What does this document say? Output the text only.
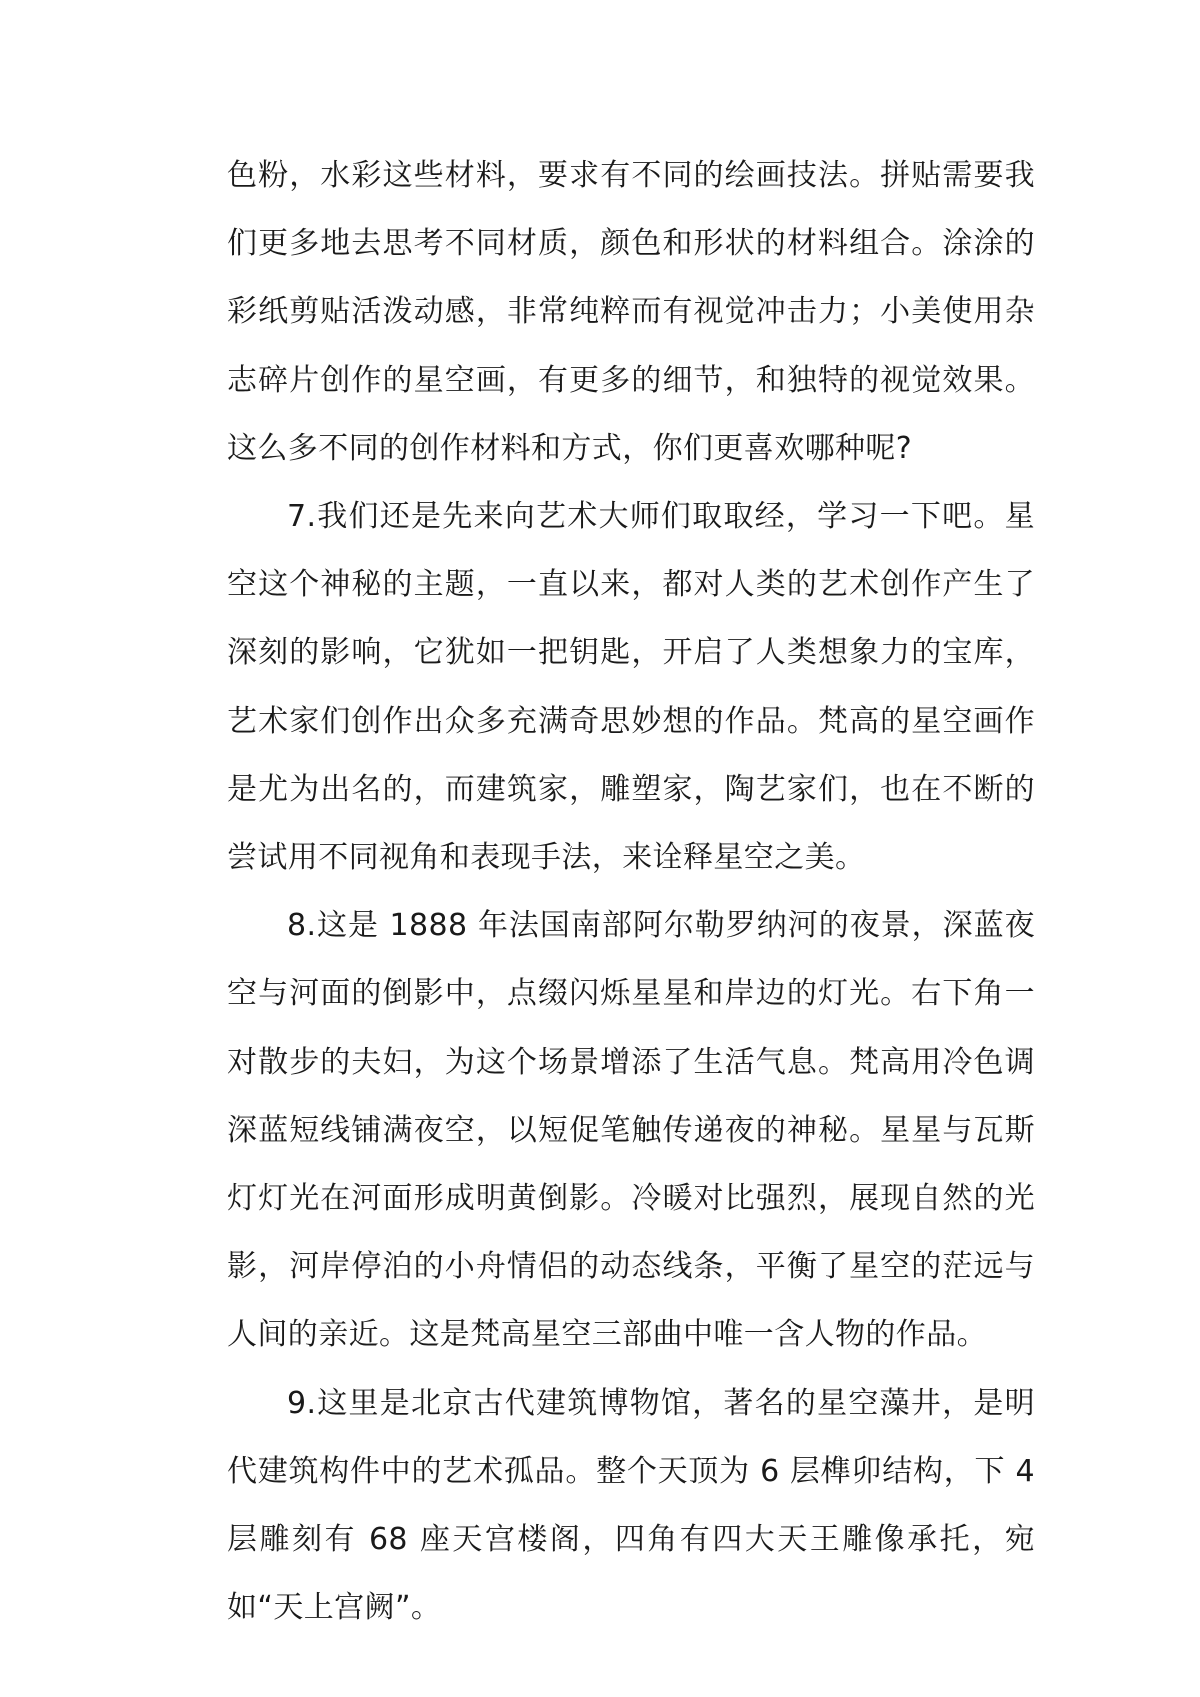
色粉，水彩这些材料，要求有不同的绘画技法。拼贴需要我们更多地去思考不同材质，颜色和形状的材料组合。涂涂的彩纸剪贴活泼动感，非常纯粹而有视觉冲击力；小美使用杂志碎片创作的星空画，有更多的细节，和独特的视觉效果。这么多不同的创作材料和方式，你们更喜欢哪种呢?

7.我们还是先来向艺术大师们取取经，学习一下吧。星空这个神秘的主题，一直以来，都对人类的艺术创作产生了深刻的影响，它犹如一把钥匙，开启了人类想象力的宝库，艺术家们创作出众多充满奇思妙想的作品。梵高的星空画作是尤为出名的，而建筑家，雕塑家，陶艺家们，也在不断的尝试用不同视角和表现手法，来诠释星空之美。

8.这是 1888 年法国南部阿尔勒罗纳河的夜景，深蓝夜空与河面的倒影中，点缀闪烁星星和岸边的灯光。右下角一对散步的夫妇，为这个场景增添了生活气息。梵高用冷色调深蓝短线铺满夜空，以短促笔触传递夜的神秘。星星与瓦斯灯灯光在河面形成明黄倒影。冷暖对比强烈，展现自然的光影，河岸停泊的小舟情侣的动态线条，平衡了星空的茫远与人间的亲近。这是梵高星空三部曲中唯一含人物的作品。

9.这里是北京古代建筑博物馆，著名的星空藻井，是明代建筑构件中的艺术孤品。整个天顶为 6 层榫卯结构，下 4 层雕刻有 68 座天宫楼阁，四角有四大天王雕像承托，宛如“天上宫阙”。
